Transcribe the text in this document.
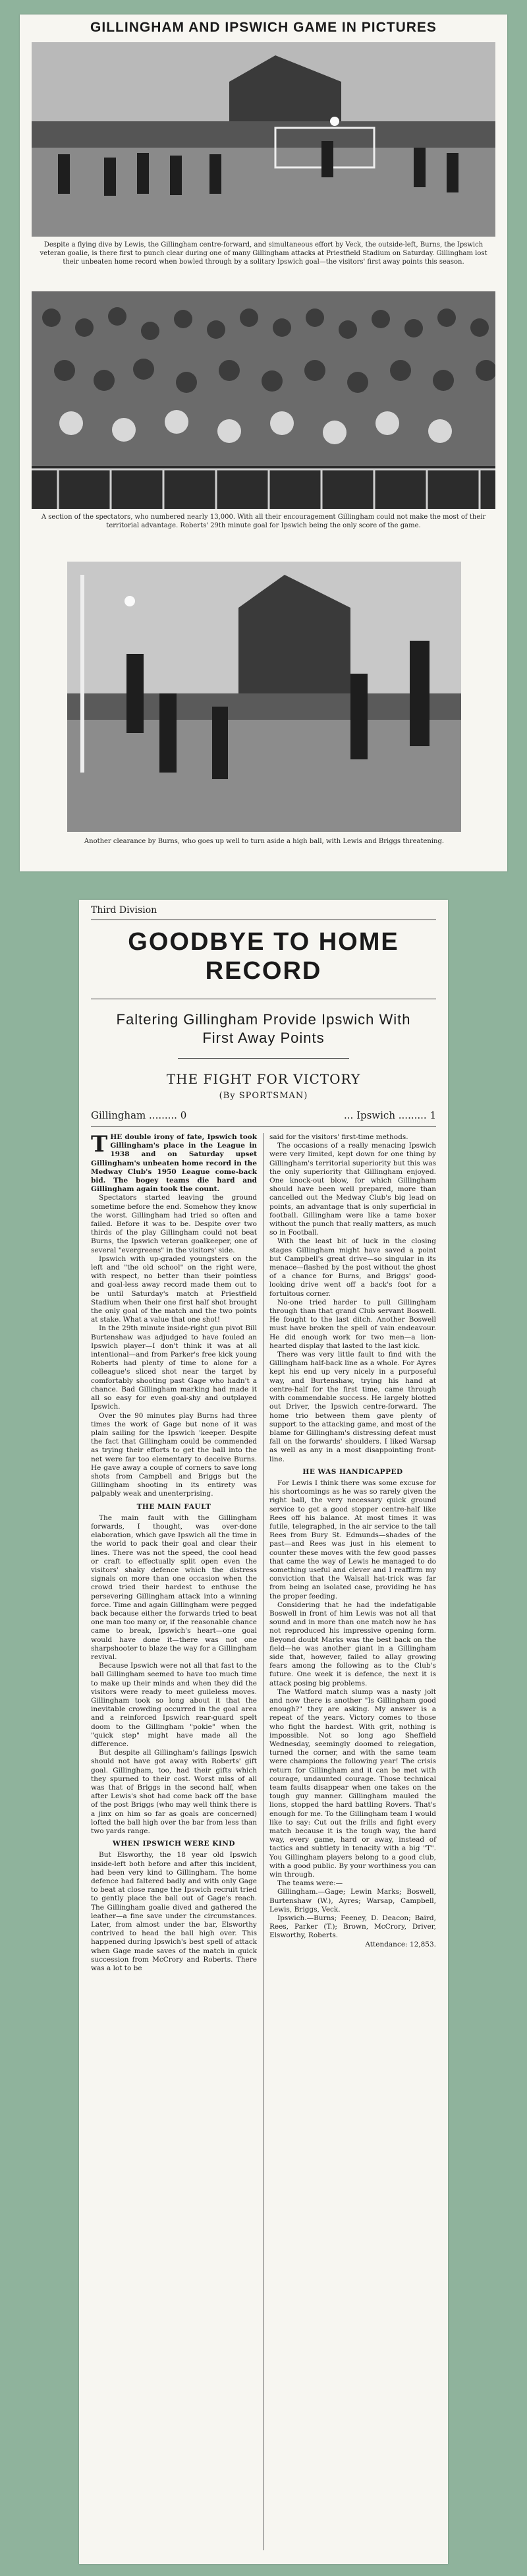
GILLINGHAM AND IPSWICH GAME IN PICTURES
Despite a flying dive by Lewis, the Gillingham centre-forward, and simultaneous effort by Veck, the outside-left, Burns, the Ipswich veteran goalie, is there first to punch clear during one of many Gillingham attacks at Priestfield Stadium on Saturday. Gillingham lost their unbeaten home record when bowled through by a solitary Ipswich goal—the visitors' first away points this season.
A section of the spectators, who numbered nearly 13,000. With all their encouragement Gillingham could not make the most of their territorial advantage. Roberts' 29th minute goal for Ipswich being the only score of the game.
Another clearance by Burns, who goes up well to turn aside a high ball, with Lewis and Briggs threatening.
Third Division
GOODBYE TO HOME RECORD
Faltering Gillingham Provide Ipswich With First Away Points
THE FIGHT FOR VICTORY
(By SPORTSMAN)
Gillingham ......... 0	... Ipswich ......... 1

THE double irony of fate, Ipswich took Gillingham's place in the League in 1938 and on Saturday upset Gillingham's unbeaten home record in the Medway Club's 1950 League come-back bid. The bogey teams die hard and Gillingham again took the count.

Spectators started leaving the ground sometime before the end. Somehow they know the worst. Gillingham had tried so often and failed. Before it was to be. Despite over two thirds of the play Gillingham could not beat Burns, the Ipswich veteran goalkeeper, one of several "evergreens" in the visitors' side.

Ipswich with up-graded youngsters on the left and "the old school" on the right were, with respect, no better than their pointless and goal-less away record made them out to be until Saturday's match at Priestfield Stadium when their one first half shot brought the only goal of the match and the two points at stake. What a value that one shot!

In the 29th minute inside-right gun pivot Bill Burtenshaw was adjudged to have fouled an Ipswich player—I don't think it was at all intentional—and from Parker's free kick young Roberts had plenty of time to alone for a colleague's sliced shot near the target by comfortably shooting past Gage who hadn't a chance. Bad Gillingham marking had made it all so easy for even goal-shy and outplayed Ipswich.

Over the 90 minutes play Burns had three times the work of Gage but none of it was plain sailing for the Ipswich 'keeper. Despite the fact that Gillingham could be commended as trying their efforts to get the ball into the net were far too elementary to deceive Burns. He gave away a couple of corners to save long shots from Campbell and Briggs but the Gillingham shooting in its entirety was palpably weak and unenterprising.

THE MAIN FAULT

The main fault with the Gillingham forwards, I thought, was over-done elaboration, which gave Ipswich all the time in the world to pack their goal and clear their lines. There was not the speed, the cool head or craft to effectually split open even the visitors' shaky defence which the distress signals on more than one occasion when the crowd tried their hardest to enthuse the persevering Gillingham attack into a winning force. Time and again Gillingham were pegged back because either the forwards tried to beat one man too many or, if the reasonable chance came to break, Ipswich's heart—one goal would have done it—there was not one sharpshooter to blaze the way for a Gillingham revival.

Because Ipswich were not all that fast to the ball Gillingham seemed to have too much time to make up their minds and when they did the visitors were ready to meet guileless moves. Gillingham took so long about it that the inevitable crowding occurred in the goal area and a reinforced Ipswich rear-guard spelt doom to the Gillingham "pokie" when the "quick step" might have made all the difference.

But despite all Gillingham's failings Ipswich should not have got away with Roberts' gift goal. Gillingham, too, had their gifts which they spurned to their cost. Worst miss of all was that of Briggs in the second half, when after Lewis's shot had come back off the base of the post Briggs (who may well think there is a jinx on him so far as goals are concerned) lofted the ball high over the bar from less than two yards range.

WHEN IPSWICH WERE KIND

But Elsworthy, the 18 year old Ipswich inside-left both before and after this incident, had been very kind to Gillingham. The home defence had faltered badly and with only Gage to beat at close range the Ipswich recruit tried to gently place the ball out of Gage's reach. The Gillingham goalie dived and gathered the leather—a fine save under the circumstances. Later, from almost under the bar, Elsworthy contrived to head the ball high over. This happened during Ipswich's best spell of attack when Gage made saves of the match in quick succession from McCrory and Roberts. There was a lot to be

said for the visitors' first-time methods.

The occasions of a really menacing Ipswich were very limited, kept down for one thing by Gillingham's territorial superiority but this was the only superiority that Gillingham enjoyed. One knock-out blow, for which Gillingham should have been well prepared, more than cancelled out the Medway Club's big lead on points, an advantage that is only superficial in football. Gillingham were like a tame boxer without the punch that really matters, as much so in Football.

With the least bit of luck in the closing stages Gillingham might have saved a point but Campbell's great drive—so singular in its menace—flashed by the post without the ghost of a chance for Burns, and Briggs' good-looking drive went off a back's foot for a fortuitous corner.

No-one tried harder to pull Gillingham through than that grand Club servant Boswell. He fought to the last ditch. Another Boswell must have broken the spell of vain endeavour. He did enough work for two men—a lion-hearted display that lasted to the last kick.

There was very little fault to find with the Gillingham half-back line as a whole. For Ayres kept his end up very nicely in a purposeful way, and Burtenshaw, trying his hand at centre-half for the first time, came through with commendable success. He largely blotted out Driver, the Ipswich centre-forward. The home trio between them gave plenty of support to the attacking game, and most of the blame for Gillingham's distressing defeat must fall on the forwards' shoulders. I liked Warsap as well as any in a most disappointing front-line.

HE WAS HANDICAPPED

For Lewis I think there was some excuse for his shortcomings as he was so rarely given the right ball, the very necessary quick ground service to get a good stopper centre-half like Rees off his balance. At most times it was futile, telegraphed, in the air service to the tall Rees from Bury St. Edmunds—shades of the past—and Rees was just in his element to counter these moves with the few good passes that came the way of Lewis he managed to do something useful and clever and I reaffirm my conviction that the Walsall hat-trick was far from being an isolated case, providing he has the proper feeding.

Considering that he had the indefatigable Boswell in front of him Lewis was not all that sound and in more than one match now he has not reproduced his impressive opening form. Beyond doubt Marks was the best back on the field—he was another giant in a Gillingham side that, however, failed to allay growing fears among the following as to the Club's future. One week it is defence, the next it is attack posing big problems.

The Watford match slump was a nasty jolt and now there is another "Is Gillingham good enough?" they are asking. My answer is a repeat of the years. Victory comes to those who fight the hardest. With grit, nothing is impossible. Not so long ago Sheffield Wednesday, seemingly doomed to relegation, turned the corner, and with the same team were champions the following year! The crisis return for Gillingham and it can be met with courage, undaunted courage. Those technical team faults disappear when one takes on the tough guy manner. Gillingham mauled the lions, stopped the hard battling Rovers. That's enough for me. To the Gillingham team I would like to say: Cut out the frills and fight every match because it is the tough way, the hard way, every game, hard or away, instead of tactics and subtlety in tenacity with a big "T". You Gillingham players belong to a good club, with a good public. By your worthiness you can win through.

The teams were:—

Gillingham.—Gage; Lewin Marks; Boswell, Burtenshaw (W.), Ayres; Warsap, Campbell, Lewis, Briggs, Veck.

Ipswich.—Burns; Feeney, D. Deacon; Baird, Rees, Parker (T.); Brown, McCrory, Driver, Elsworthy, Roberts.

Attendance: 12,853.
